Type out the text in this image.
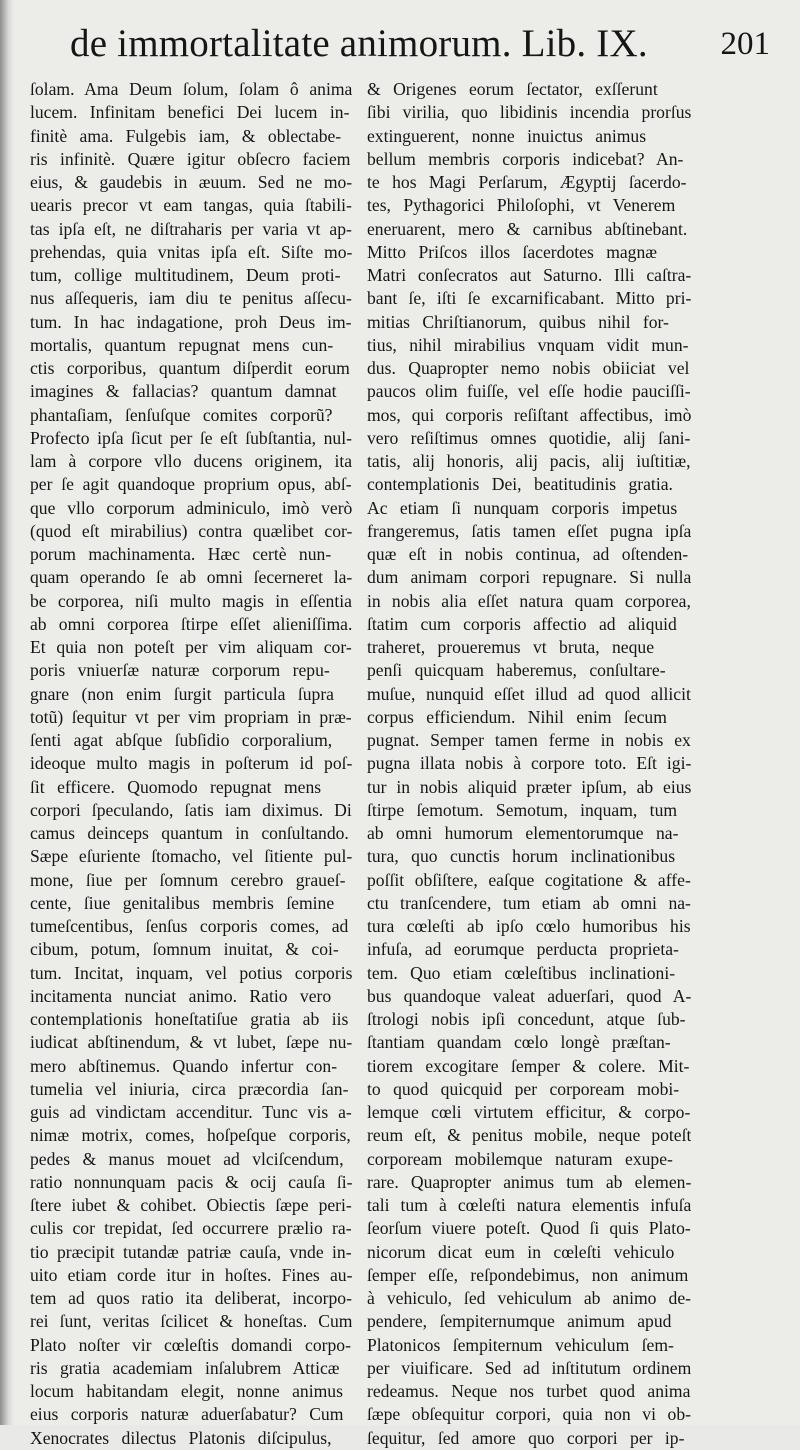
de immortalitate animorum. Lib. IX. 201
ſolam. Ama Deum ſolum, ſolam ô anima
lucem. Infinitam benefici Dei lucem in-
finitè ama. Fulgebis iam, & oblectabe-
ris infinitè. Quære igitur obſecro faciem
eius, & gaudebis in æuum. Sed ne mo-
uearis precor vt eam tangas, quia ſtabili-
tas ipſa eſt, ne diſtraharis per varia vt ap-
prehendas, quia vnitas ipſa eſt. Siſte mo-
tum, collige multitudinem, Deum proti-
nus aſſequeris, iam diu te penitus aſſecu-
tum. In hac indagatione, proh Deus im-
mortalis, quantum repugnat mens cun-
ctis corporibus, quantum diſperdit eorum
imagines & fallacias? quantum damnat
phantaſiam, ſenſuſque comites corporũ?
Profecto ipſa ſicut per ſe eſt ſubſtantia, nul-
lam à corpore vllo ducens originem, ita
per ſe agit quandoque proprium opus, abſ-
que vllo corporum adminiculo, imò verò
(quod eſt mirabilius) contra quælibet cor-
porum machinamenta. Hæc certè nun-
quam operando ſe ab omni ſecerneret la-
be corporea, niſi multo magis in eſſentia
ab omni corporea ſtirpe eſſet alieniſſima.
Et quia non poteſt per vim aliquam cor-
poris vniuerſæ naturæ corporum repu-
gnare (non enim ſurgit particula ſupra
totũ) ſequitur vt per vim propriam in præ-
ſenti agat abſque ſubſidio corporalium,
ideoque multo magis in poſterum id poſ-
ſit efficere. Quomodo repugnat mens
corpori ſpeculando, ſatis iam diximus. Di
camus deinceps quantum in conſultando.
Sæpe eſuriente ſtomacho, vel ſitiente pul-
mone, ſiue per ſomnum cerebro graueſ-
cente, ſiue genitalibus membris ſemine
tumeſcentibus, ſenſus corporis comes, ad
cibum, potum, ſomnum inuitat, & coi-
tum. Incitat, inquam, vel potius corporis
incitamenta nunciat animo. Ratio vero
contemplationis honeſtatiſue gratia ab iis
iudicat abſtinendum, & vt lubet, ſæpe nu-
mero abſtinemus. Quando infertur con-
tumelia vel iniuria, circa præcordia ſan-
guis ad vindictam accenditur. Tunc vis a-
nimæ motrix, comes, hoſpeſque corporis,
pedes & manus mouet ad vlciſcendum,
ratio nonnunquam pacis & ocij cauſa ſi-
ſtere iubet & cohibet. Obiectis ſæpe peri-
culis cor trepidat, ſed occurrere prælio ra-
tio præcipit tutandæ patriæ cauſa, vnde in-
uito etiam corde itur in hoſtes. Fines au-
tem ad quos ratio ita deliberat, incorpo-
rei ſunt, veritas ſcilicet & honeſtas. Cum
Plato noſter vir cœleſtis domandi corpo-
ris gratia academiam inſalubrem Atticæ
locum habitandam elegit, nonne animus
eius corporis naturæ aduerſabatur? Cum
Xenocrates dilectus Platonis diſcipulus,
& Origenes eorum ſectator, exſſerunt
ſibi virilia, quo libidinis incendia prorſus
extinguerent, nonne inuictus animus
bellum membris corporis indicebat? An-
te hos Magi Perſarum, Ægyptij ſacerdo-
tes, Pythagorici Philoſophi, vt Venerem
eneruarent, mero & carnibus abſtinebant.
Mitto Priſcos illos ſacerdotes magnæ
Matri conſecratos aut Saturno. Illi caſtra-
bant ſe, iſti ſe excarnificabant. Mitto pri-
mitias Chriſtianorum, quibus nihil for-
tius, nihil mirabilius vnquam vidit mun-
dus. Quapropter nemo nobis obiiciat vel
paucos olim fuiſſe, vel eſſe hodie pauciſſi-
mos, qui corporis reſiſtant affectibus, imò
vero reſiſtimus omnes quotidie, alij ſani-
tatis, alij honoris, alij pacis, alij iuſtitiæ,
contemplationis Dei, beatitudinis gratia.
Ac etiam ſi nunquam corporis impetus
frangeremus, ſatis tamen eſſet pugna ipſa
quæ eſt in nobis continua, ad oſtenden-
dum animam corpori repugnare. Si nulla
in nobis alia eſſet natura quam corporea,
ſtatim cum corporis affectio ad aliquid
traheret, proueremus vt bruta, neque
penſi quicquam haberemus, conſultare-
muſue, nunquid eſſet illud ad quod allicit
corpus efficiendum. Nihil enim ſecum
pugnat. Semper tamen ferme in nobis ex
pugna illata nobis à corpore toto. Eſt igi-
tur in nobis aliquid præter ipſum, ab eius
ſtirpe ſemotum. Semotum, inquam, tum
ab omni humorum elementorumque na-
tura, quo cunctis horum inclinationibus
poſſit obſiſtere, eaſque cogitatione & affe-
ctu tranſcendere, tum etiam ab omni na-
tura cœleſti ab ipſo cœlo humoribus his
infuſa, ad eorumque perducta proprieta-
tem. Quo etiam cœleſtibus inclinationi-
bus quandoque valeat aduerſari, quod A-
ſtrologi nobis ipſi concedunt, atque ſub-
ſtantiam quandam cœlo longè præſtan-
tiorem excogitare ſemper & colere. Mit-
to quod quicquid per corpoream mobi-
lemque cœli virtutem efficitur, & corpo-
reum eſt, & penitus mobile, neque poteſt
corpoream mobilemque naturam exupe-
rare. Quapropter animus tum ab elemen-
tali tum à cœleſti natura elementis infuſa
ſeorſum viuere poteſt. Quod ſi quis Plato-
nicorum dicat eum in cœleſti vehiculo
ſemper eſſe, reſpondebimus, non animum
à vehiculo, ſed vehiculum ab animo de-
pendere, ſempiternumque animum apud
Platonicos ſempiternum vehiculum ſem-
per viuificare. Sed ad inſtitutum ordinem
redeamus. Neque nos turbet quod anima
ſæpe obſequitur corpori, quia non vi ob-
ſequitur, ſed amore quo corpori per ip-
